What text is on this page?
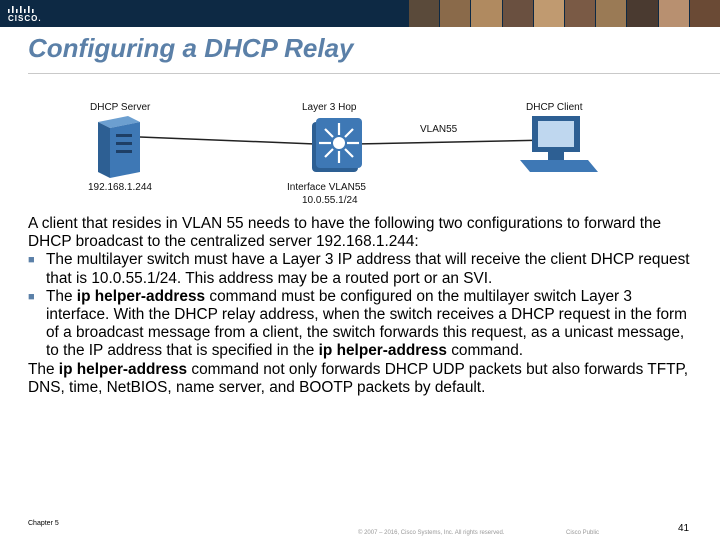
CISCO.
Configuring a DHCP Relay
DHCP Server
192.168.1.244
Layer 3 Hop
Interface VLAN55
10.0.55.1/24
VLAN55
DHCP Client

A client that resides in VLAN 55 needs to have the following two configurations to forward the DHCP broadcast to the centralized server 192.168.1.244:

■ The multilayer switch must have a Layer 3 IP address that will receive the client DHCP request that is 10.0.55.1/24. This address may be a routed port or an SVI.
■ The ip helper-address command must be configured on the multilayer switch Layer 3 interface. With the DHCP relay address, when the switch receives a DHCP request in the form of a broadcast message from a client, the switch forwards this request, as a unicast message, to the IP address that is specified in the ip helper-address command.

The ip helper-address command not only forwards DHCP UDP packets but also forwards TFTP, DNS, time, NetBIOS, name server, and BOOTP packets by default.

Chapter 5
© 2007 – 2016, Cisco Systems, Inc. All rights reserved.	Cisco Public	41
